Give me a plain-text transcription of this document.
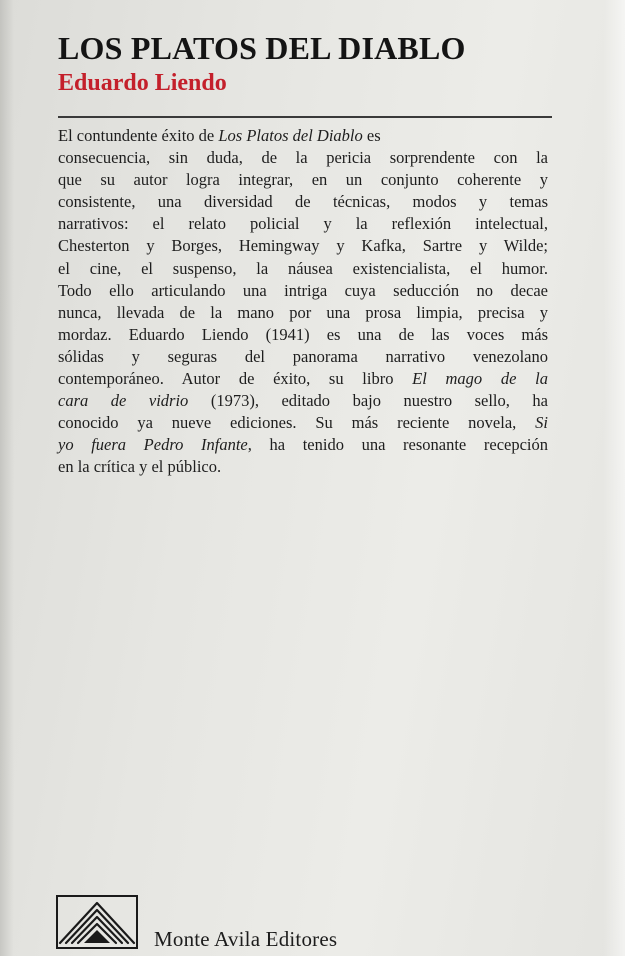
LOS PLATOS DEL DIABLO
Eduardo Liendo
El contundente éxito de Los Platos del Diablo es
consecuencia, sin duda, de la pericia sorprendente con la
que su autor logra integrar, en un conjunto coherente y
consistente, una diversidad de técnicas, modos y temas
narrativos: el relato policial y la reflexión intelectual,
Chesterton y Borges, Hemingway y Kafka, Sartre y Wilde;
el cine, el suspenso, la náusea existencialista, el humor.
Todo ello articulando una intriga cuya seducción no decae
nunca, llevada de la mano por una prosa limpia, precisa y
mordaz. Eduardo Liendo (1941) es una de las voces más
sólidas y seguras del panorama narrativo venezolano
contemporáneo. Autor de éxito, su libro El mago de la
cara de vidrio (1973), editado bajo nuestro sello, ha
conocido ya nueve ediciones. Su más reciente novela, Si
yo fuera Pedro Infante, ha tenido una resonante recepción
en la crítica y el público.
Monte Avila Editores
